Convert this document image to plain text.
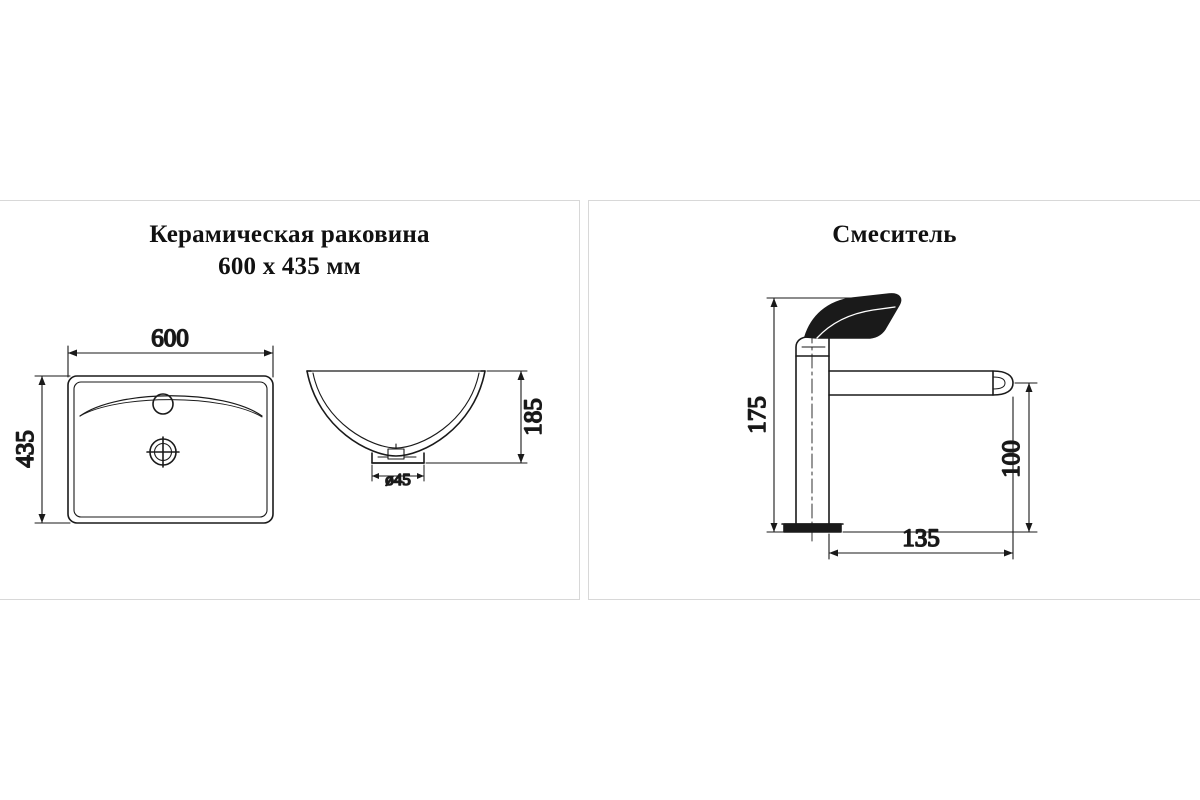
Керамическая раковина
600 x 435 мм
600
435
185
ø45
Смеситель
175
100
135
